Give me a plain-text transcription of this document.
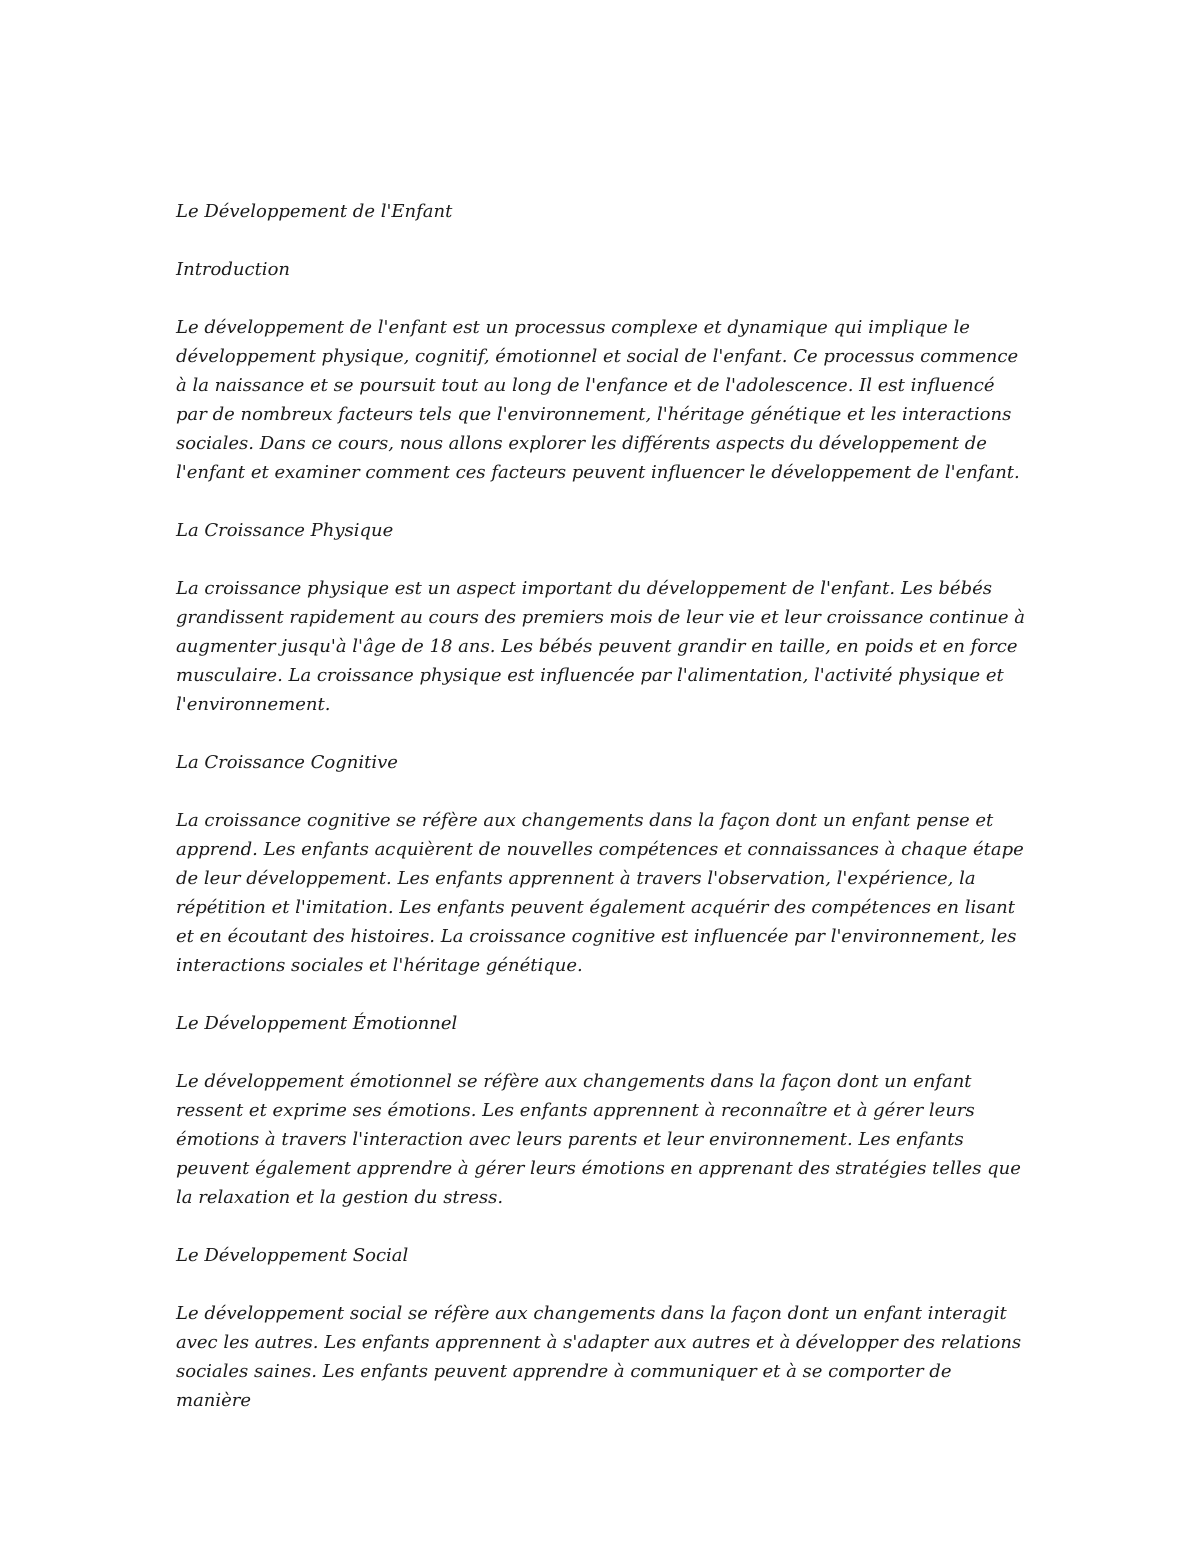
Le Développement de l'Enfant

Introduction

Le développement de l'enfant est un processus complexe et dynamique qui implique le développement physique, cognitif, émotionnel et social de l'enfant. Ce processus commence à la naissance et se poursuit tout au long de l'enfance et de l'adolescence. Il est influencé par de nombreux facteurs tels que l'environnement, l'héritage génétique et les interactions sociales. Dans ce cours, nous allons explorer les différents aspects du développement de l'enfant et examiner comment ces facteurs peuvent influencer le développement de l'enfant.

La Croissance Physique

La croissance physique est un aspect important du développement de l'enfant. Les bébés grandissent rapidement au cours des premiers mois de leur vie et leur croissance continue à augmenter jusqu'à l'âge de 18 ans. Les bébés peuvent grandir en taille, en poids et en force musculaire. La croissance physique est influencée par l'alimentation, l'activité physique et l'environnement.

La Croissance Cognitive

La croissance cognitive se réfère aux changements dans la façon dont un enfant pense et apprend. Les enfants acquièrent de nouvelles compétences et connaissances à chaque étape de leur développement. Les enfants apprennent à travers l'observation, l'expérience, la répétition et l'imitation. Les enfants peuvent également acquérir des compétences en lisant et en écoutant des histoires. La croissance cognitive est influencée par l'environnement, les interactions sociales et l'héritage génétique.

Le Développement Émotionnel

Le développement émotionnel se réfère aux changements dans la façon dont un enfant ressent et exprime ses émotions. Les enfants apprennent à reconnaître et à gérer leurs émotions à travers l'interaction avec leurs parents et leur environnement. Les enfants peuvent également apprendre à gérer leurs émotions en apprenant des stratégies telles que la relaxation et la gestion du stress.

Le Développement Social

Le développement social se réfère aux changements dans la façon dont un enfant interagit avec les autres. Les enfants apprennent à s'adapter aux autres et à développer des relations sociales saines. Les enfants peuvent apprendre à communiquer et à se comporter de manière
